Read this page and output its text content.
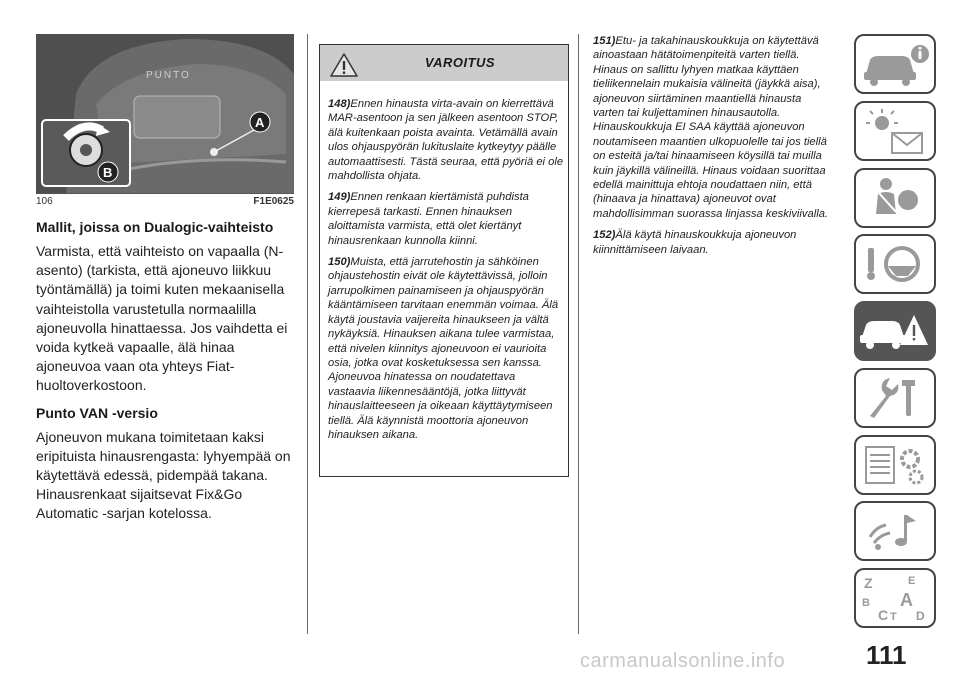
PUNTO
A
B
106	F1E0625
Mallit, joissa on Dualogic-vaihteisto

Varmista, että vaihteisto on vapaalla (N-asento) (tarkista, että ajoneuvo liikkuu työntämällä) ja toimi kuten mekaanisella vaihteistolla varustetulla normaalilla ajoneuvolla hinattaessa. Jos vaihdetta ei voida kytkeä vapaalle, älä hinaa ajoneuvoa vaan ota yhteys Fiat-huoltoverkostoon.

Punto VAN -versio

Ajoneuvon mukana toimitetaan kaksi eripituista hinausrengasta: lyhyempää on käytettävä edessä, pidempää takana.

Hinausrenkaat sijaitsevat Fix&Go Automatic -sarjan kotelossa.

VAROITUS

148)Ennen hinausta virta-avain on kierrettävä MAR-asentoon ja sen jälkeen asentoon STOP, älä kuitenkaan poista avainta. Vetämällä avain ulos ohjauspyörän lukituslaite kytkeytyy päälle automaattisesti. Tästä seuraa, että pyöriä ei ole mahdollista ohjata.

149)Ennen renkaan kiertämistä puhdista kierrepesä tarkasti. Ennen hinauksen aloittamista varmista, että olet kiertänyt hinausrenkaan kunnolla kiinni.

150)Muista, että jarrutehostin ja sähköinen ohjaustehostin eivät ole käytettävissä, jolloin jarrupolkimen painamiseen ja ohjauspyörän kääntämiseen tarvitaan enemmän voimaa. Älä käytä joustavia vaijereita hinaukseen ja vältä nykäyksiä. Hinauksen aikana tulee varmistaa, että nivelen kiinnitys ajoneuvoon ei vaurioita osia, jotka ovat kosketuksessa sen kanssa. Ajoneuvoa hinatessa on noudatettava vastaavia liikennesääntöjä, jotka liittyvät hinauslaitteeseen ja oikeaan käyttäytymiseen tiellä. Älä käynnistä moottoria ajoneuvon hinauksen aikana.

151)Etu- ja takahinauskoukkuja on käytettävä ainoastaan hätätoimenpiteitä varten tiellä. Hinaus on sallittu lyhyen matkaa käyttäen tieliikennelain mukaisia välineitä (jäykkä aisa), ajoneuvon siirtäminen maantiellä hinausta varten tai kuljettaminen hinausautolla. Hinauskoukkuja EI SAA käyttää ajoneuvon noutamiseen maantien ulkopuolelle tai jos tiellä on esteitä ja/tai hinaamiseen köysillä tai muilla kuin jäykillä välineillä. Hinaus voidaan suorittaa edellä mainittuja ehtoja noudattaen niin, että (hinaava ja hinattava) ajoneuvot ovat mahdollisimman suorassa linjassa keskiviivalla.

152)Älä käytä hinauskoukkuja ajoneuvon kiinnittämiseen laivaan.

Z	E
B
C T
A
D
111
carmanualsonline.info
